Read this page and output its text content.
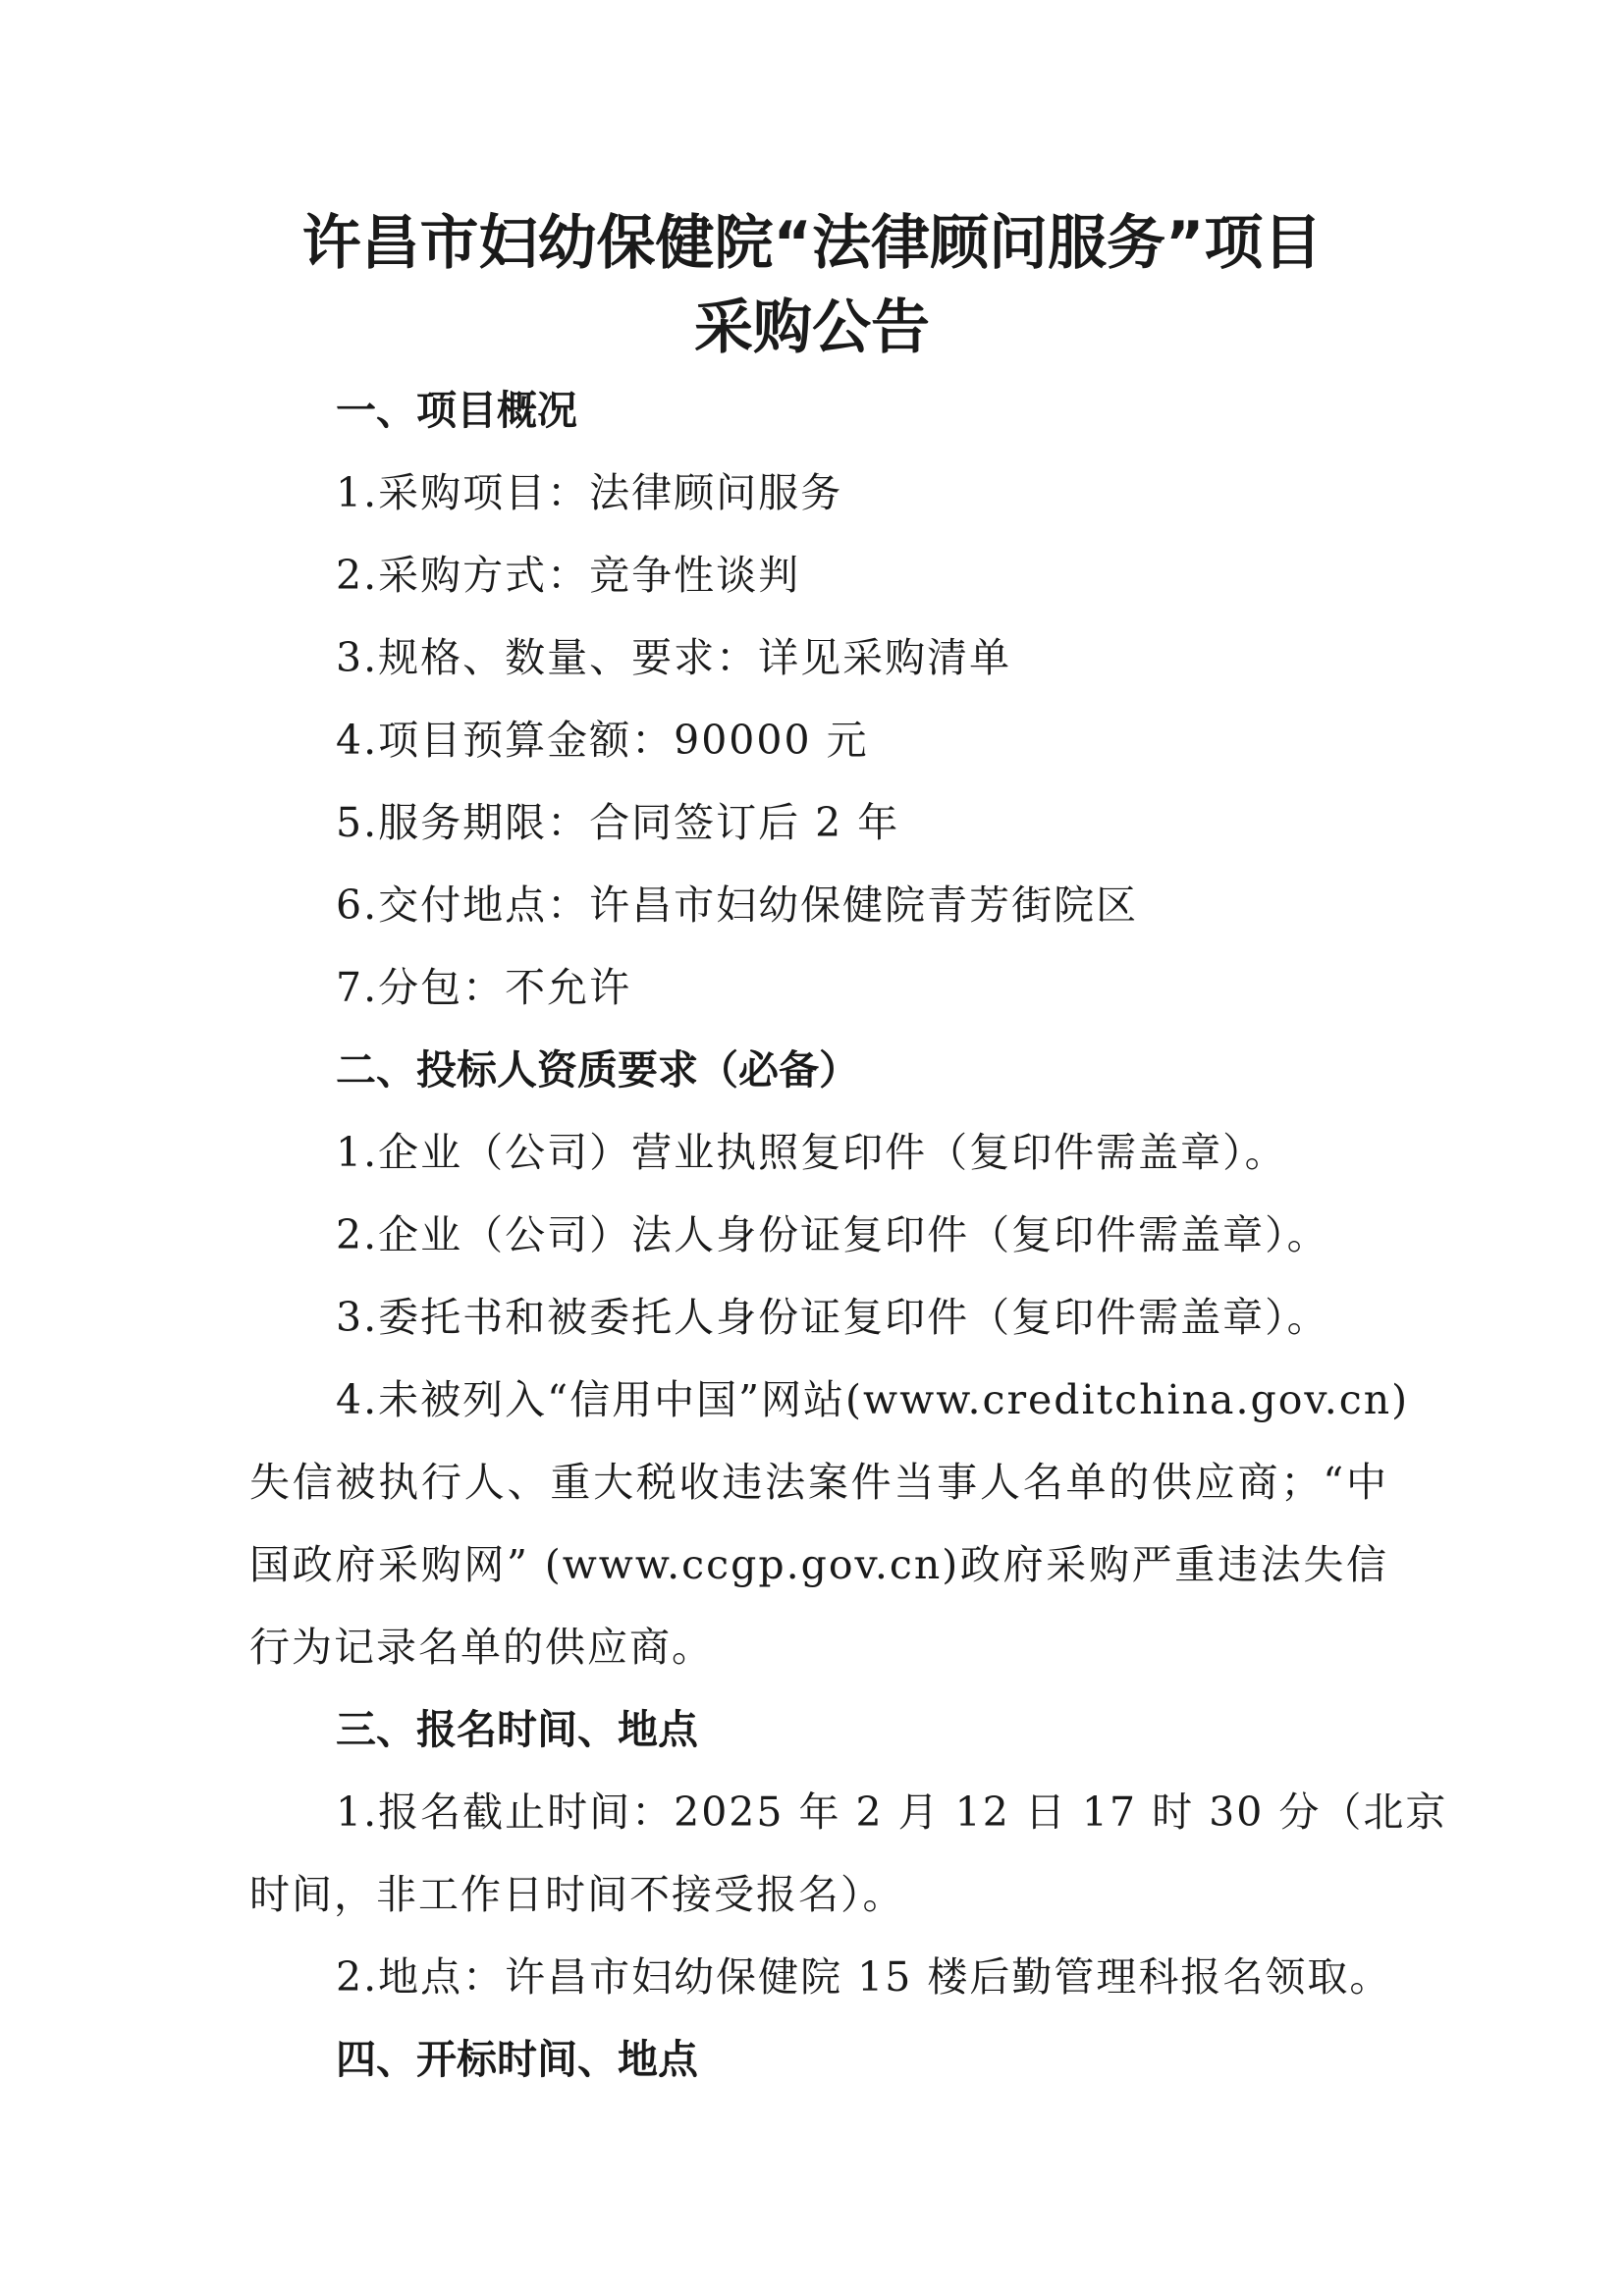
许昌市妇幼保健院“法律顾问服务”项目
采购公告
一、项目概况

1.采购项目：法律顾问服务

2.采购方式：竞争性谈判

3.规格、数量、要求：详见采购清单

4.项目预算金额：90000 元

5.服务期限：合同签订后 2 年

6.交付地点：许昌市妇幼保健院青芳街院区

7.分包：不允许

二、投标人资质要求（必备）

1.企业（公司）营业执照复印件（复印件需盖章）。

2.企业（公司）法人身份证复印件（复印件需盖章）。

3.委托书和被委托人身份证复印件（复印件需盖章）。

4.未被列入“信用中国”网站(www.creditchina.gov.cn)

失信被执行人、重大税收违法案件当事人名单的供应商；“中

国政府采购网” (www.ccgp.gov.cn)政府采购严重违法失信

行为记录名单的供应商。

三、报名时间、地点

1.报名截止时间：2025 年 2 月 12 日 17 时 30 分（北京

时间，非工作日时间不接受报名）。

2.地点：许昌市妇幼保健院 15 楼后勤管理科报名领取。

四、开标时间、地点
